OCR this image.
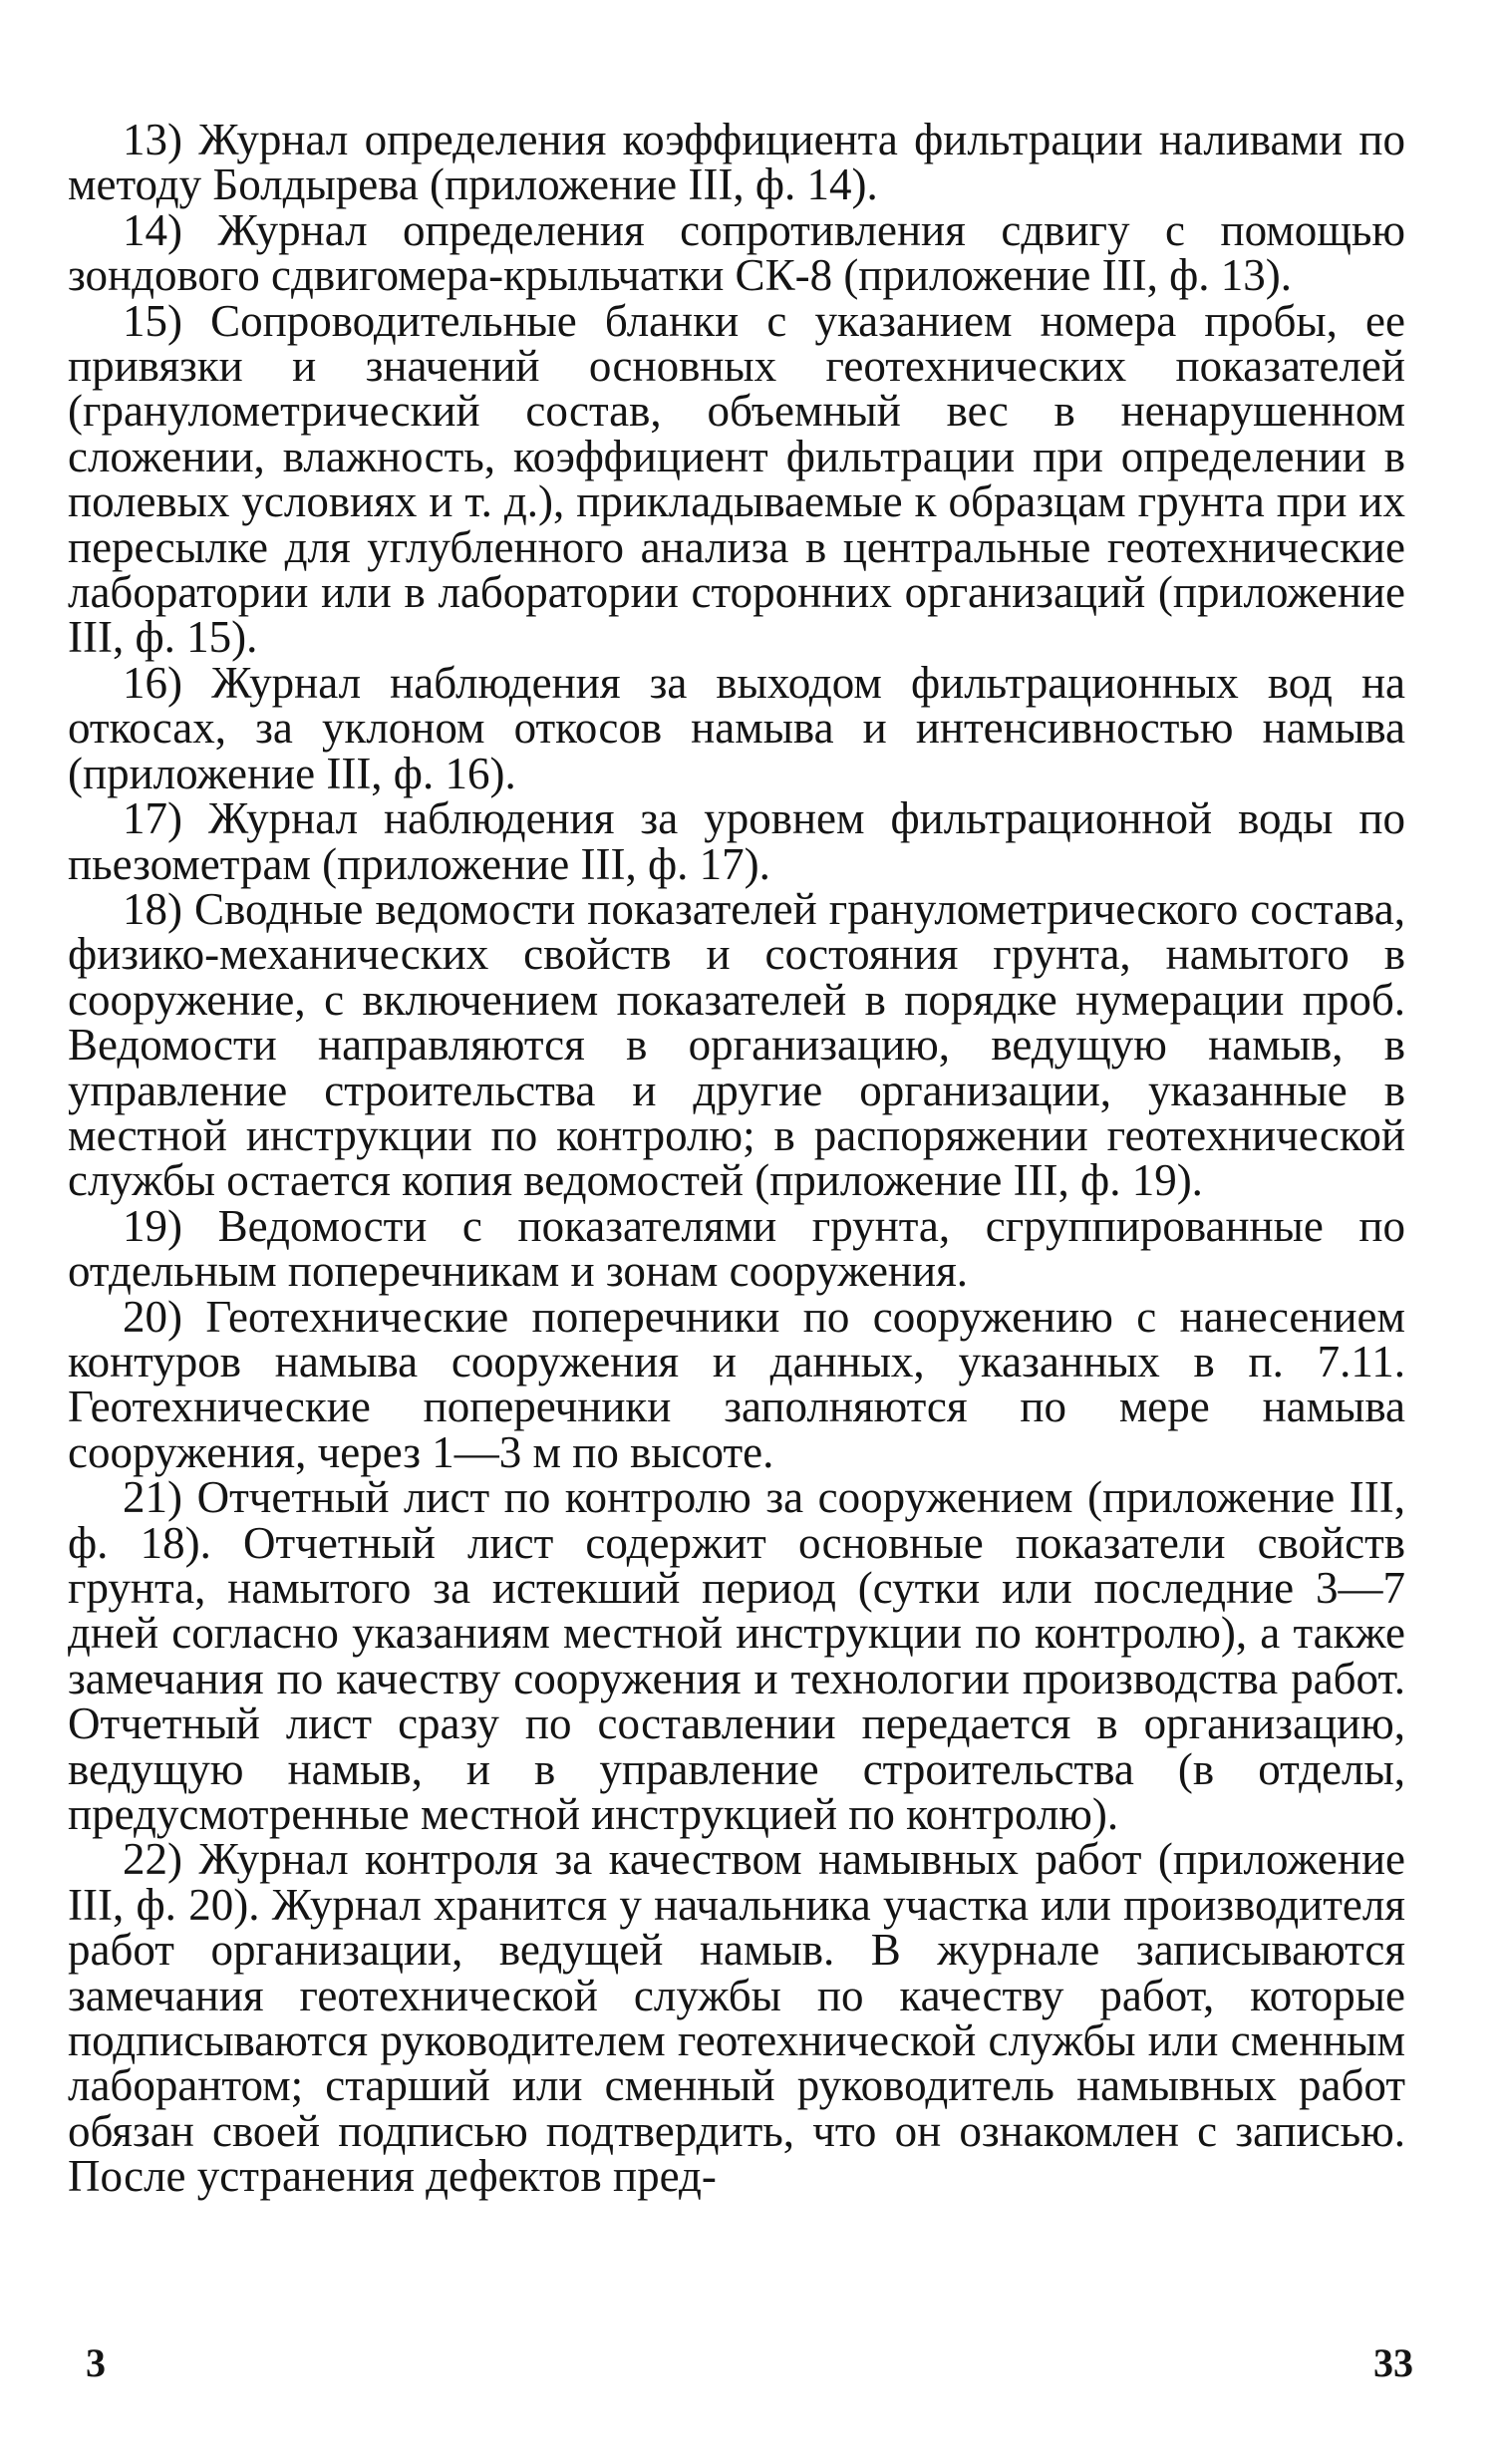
13) Журнал определения коэффициента фильтрации наливами по методу Болдырева (приложение III, ф. 14).

14) Журнал определения сопротивления сдвигу с помощью зондового сдвигомера-крыльчатки СК-8 (приложение III, ф. 13).

15) Сопроводительные бланки с указанием номера пробы, ее привязки и значений основных геотехнических показателей (гранулометрический состав, объемный вес в ненарушенном сложении, влажность, коэффициент фильтрации при определении в полевых условиях и т. д.), прикладываемые к образцам грунта при их пересылке для углубленного анализа в центральные геотехнические лаборатории или в лаборатории сторонних организаций (приложение III, ф. 15).

16) Журнал наблюдения за выходом фильтрационных вод на откосах, за уклоном откосов намыва и интенсивностью намыва (приложение III, ф. 16).

17) Журнал наблюдения за уровнем фильтрационной воды по пьезометрам (приложение III, ф. 17).

18) Сводные ведомости показателей гранулометрического состава, физико-механических свойств и состояния грунта, намытого в сооружение, с включением показателей в порядке нумерации проб. Ведомости направляются в организацию, ведущую намыв, в управление строительства и другие организации, указанные в местной инструкции по контролю; в распоряжении геотехнической службы остается копия ведомостей (приложение III, ф. 19).

19) Ведомости с показателями грунта, сгруппированные по отдельным поперечникам и зонам сооружения.

20) Геотехнические поперечники по сооружению с нанесением контуров намыва сооружения и данных, указанных в п. 7.11. Геотехнические поперечники заполняются по мере намыва сооружения, через 1—3 м по высоте.

21) Отчетный лист по контролю за сооружением (приложение III, ф. 18). Отчетный лист содержит основные показатели свойств грунта, намытого за истекший период (сутки или последние 3—7 дней согласно указаниям местной инструкции по контролю), а также замечания по качеству сооружения и технологии производства работ. Отчетный лист сразу по составлении передается в организацию, ведущую намыв, и в управление строительства (в отделы, предусмотренные местной инструкцией по контролю).

22) Журнал контроля за качеством намывных работ (приложение III, ф. 20). Журнал хранится у начальника участка или производителя работ организации, ведущей намыв. В журнале записываются замечания геотехнической службы по качеству работ, которые подписываются руководителем геотехнической службы или сменным лаборантом; старший или сменный руководитель намывных работ обязан своей подписью подтвердить, что он ознакомлен с записью. После устранения дефектов пред-

3	33
